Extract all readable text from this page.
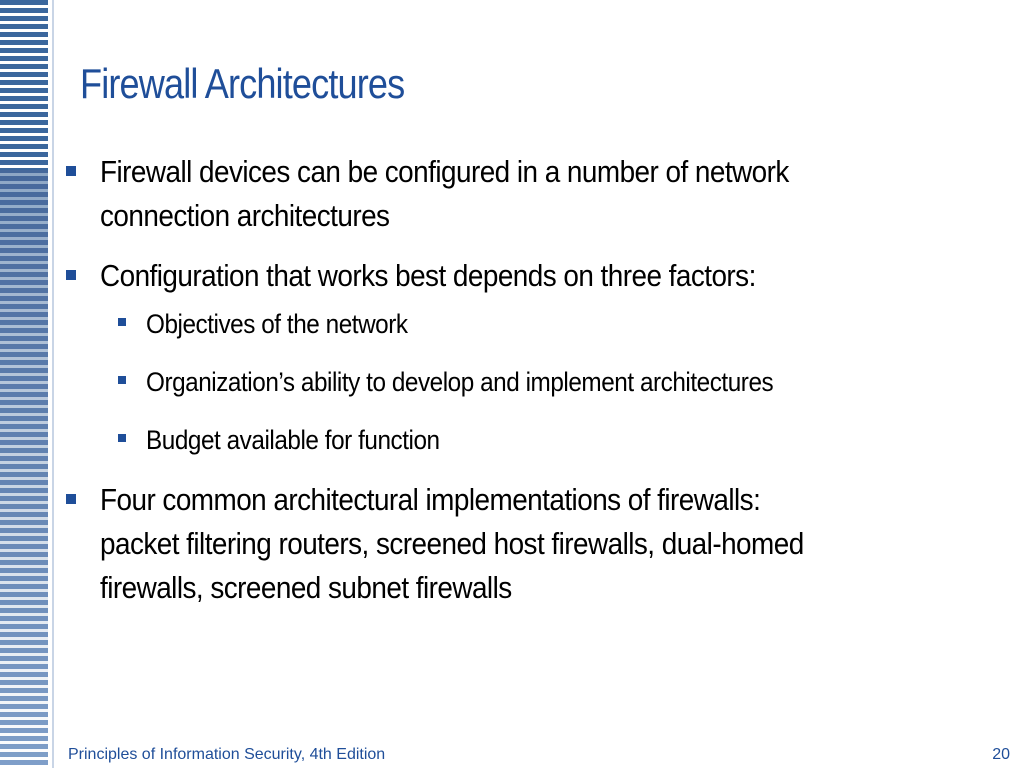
Firewall Architectures
Firewall devices can be configured in a number of network
connection architectures
Configuration that works best depends on three factors:
Objectives of the network
Organization’s ability to develop and implement architectures
Budget available for function
Four common architectural implementations of firewalls:
packet filtering routers, screened host firewalls, dual-homed
firewalls, screened subnet firewalls
Principles of Information Security, 4th Edition	20
